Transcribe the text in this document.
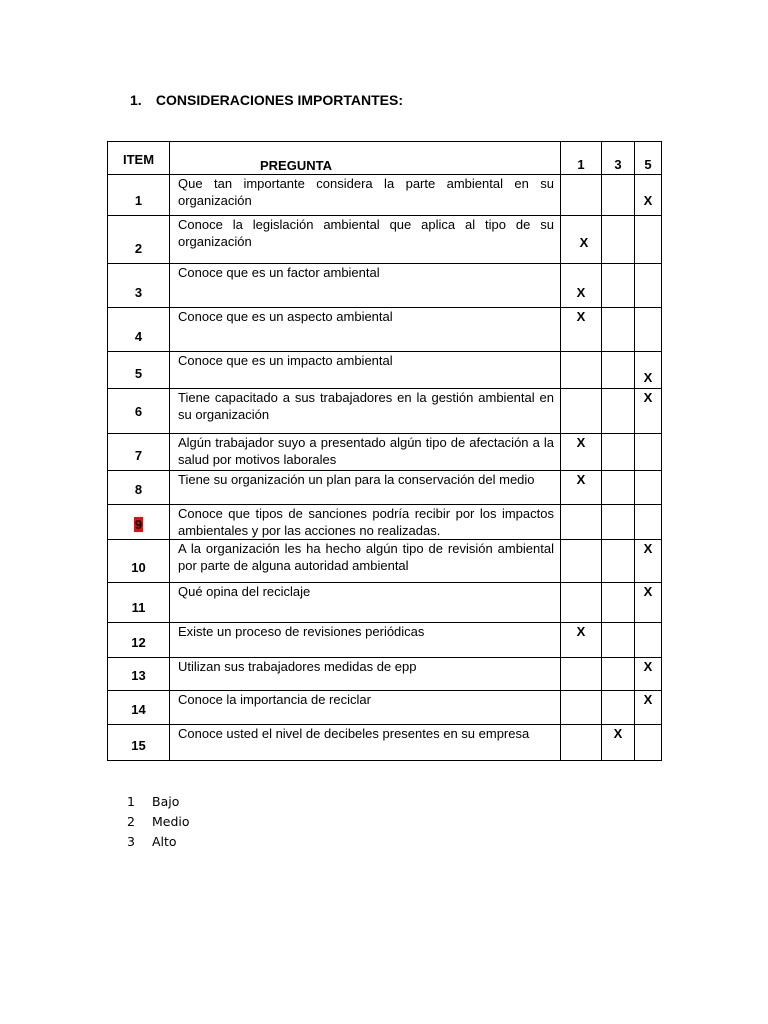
1. CONSIDERACIONES IMPORTANTES:
ITEM	PREGUNTA	1	3	5
1	Que tan importante considera la parte ambiental en su organización			X
2	Conoce la legislación ambiental que aplica al tipo de su organización	X		
3	Conoce que es un factor ambiental	X		
4	Conoce que es un aspecto ambiental	X		
5	Conoce que es un impacto ambiental			X
6	Tiene capacitado a sus trabajadores en la gestión ambiental en su organización			X
7	Algún trabajador suyo a presentado algún tipo de afectación a la salud por motivos laborales	X		
8	Tiene su organización un plan para la conservación del medio	X		
9	Conoce que tipos de sanciones podría recibir por los impactos ambientales y por las acciones no realizadas.			
10	A la organización les ha hecho algún tipo de revisión ambiental por parte de alguna autoridad ambiental			X
11	Qué opina del reciclaje			X
12	Existe un proceso de revisiones periódicas	X		
13	Utilizan sus trabajadores medidas de epp			X
14	Conoce la importancia de reciclar			X
15	Conoce usted el nivel de decibeles presentes en su empresa		X	
1 Bajo
2 Medio
3 Alto
